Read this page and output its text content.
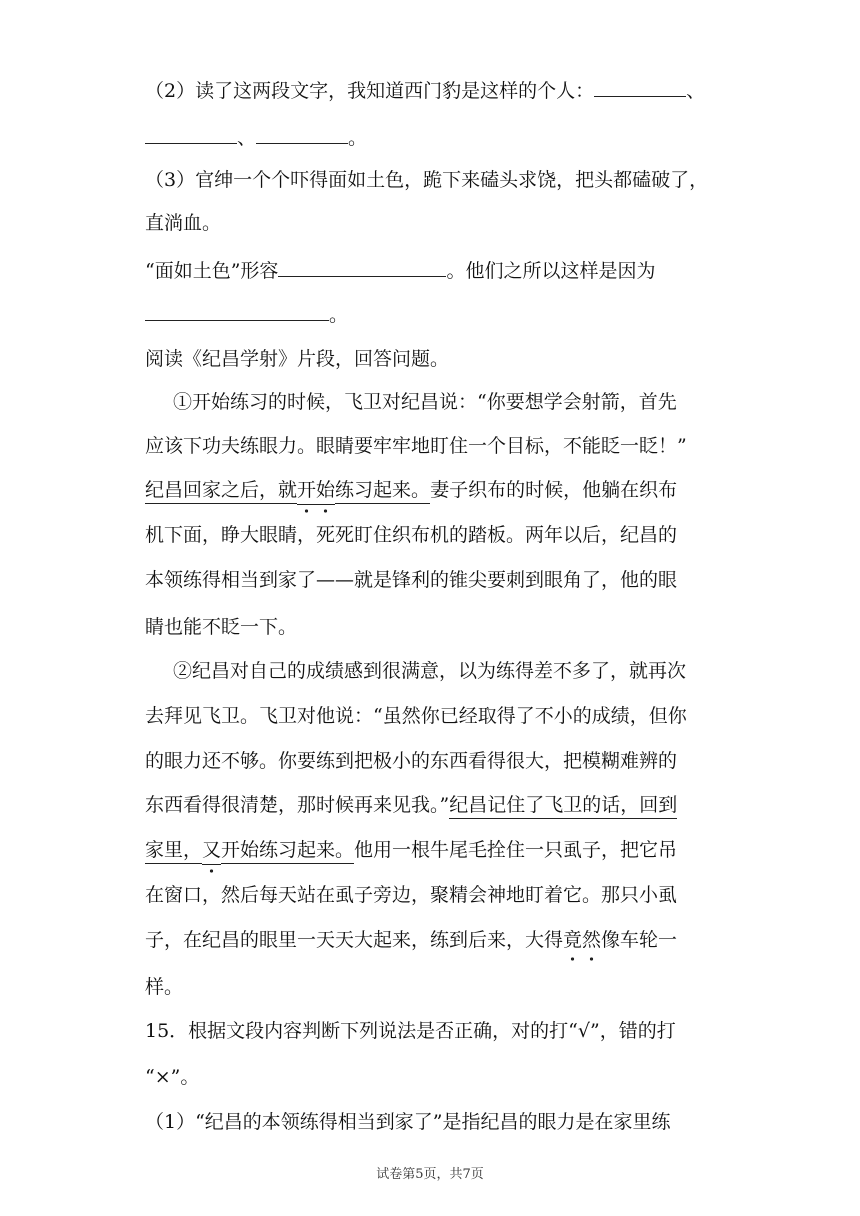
（2）读了这两段文字，我知道西门豹是这样的个人：	、
、	。
（3）官绅一个个吓得面如土色，跪下来磕头求饶，把头都磕破了，
直淌血。
“面如土色”形容	。他们之所以这样是因为
。
阅读《纪昌学射》片段，回答问题。
①开始练习的时候，飞卫对纪昌说：“你要想学会射箭，首先
应该下功夫练眼力。眼睛要牢牢地盯住一个目标，不能眨一眨！”
纪昌回家之后，就开始练习起来。妻子织布的时候，他躺在织布
机下面，睁大眼睛，死死盯住织布机的踏板。两年以后，纪昌的
本领练得相当到家了——就是锋利的锥尖要刺到眼角了，他的眼
睛也能不眨一下。
②纪昌对自己的成绩感到很满意，以为练得差不多了，就再次
去拜见飞卫。飞卫对他说：“虽然你已经取得了不小的成绩，但你
的眼力还不够。你要练到把极小的东西看得很大，把模糊难辨的
东西看得很清楚，那时候再来见我。”纪昌记住了飞卫的话，回到
家里，又开始练习起来。他用一根牛尾毛拴住一只虱子，把它吊
在窗口，然后每天站在虱子旁边，聚精会神地盯着它。那只小虱
子，在纪昌的眼里一天天大起来，练到后来，大得竟然像车轮一
样。
15．根据文段内容判断下列说法是否正确，对的打“√”，错的打
“×”。
（1）“纪昌的本领练得相当到家了”是指纪昌的眼力是在家里练
试卷第5页，共7页
